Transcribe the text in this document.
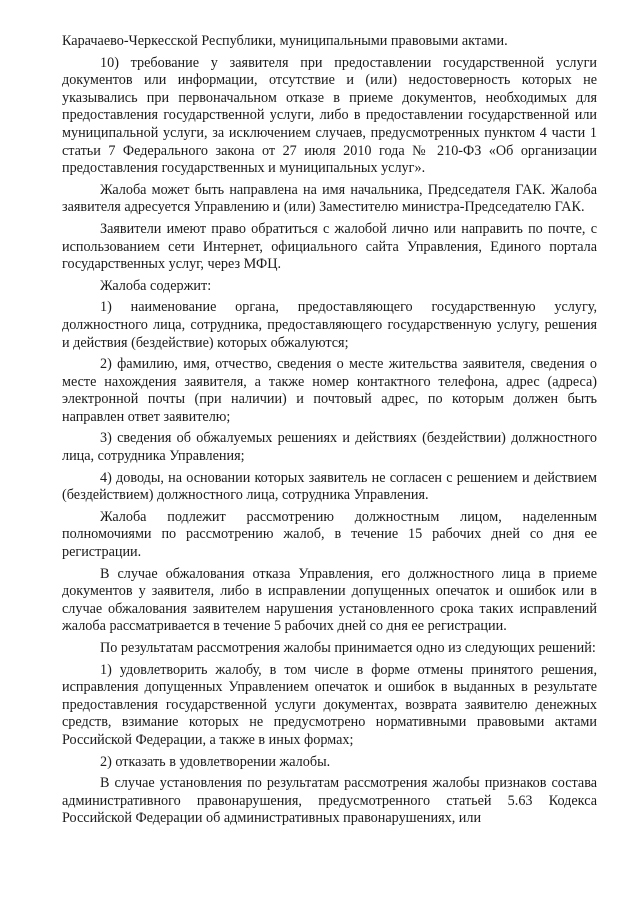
Карачаево-Черкесской Республики, муниципальными правовыми актами.

10) требование у заявителя при предоставлении государственной услуги документов или информации, отсутствие и (или) недостоверность которых не указывались при первоначальном отказе в приеме документов, необходимых для предоставления государственной услуги, либо в предоставлении государственной или муниципальной услуги, за исключением случаев, предусмотренных пунктом 4 части 1 статьи 7 Федерального закона от 27 июля 2010 года № 210-ФЗ «Об организации предоставления государственных и муниципальных услуг».

Жалоба может быть направлена на имя начальника, Председателя ГАК. Жалоба заявителя адресуется Управлению и (или) Заместителю министра-Председателю ГАК.

Заявители имеют право обратиться с жалобой лично или направить по почте, с использованием сети Интернет, официального сайта Управления, Единого портала государственных услуг, через МФЦ.

Жалоба содержит:

1) наименование органа, предоставляющего государственную услугу, должностного лица, сотрудника, предоставляющего государственную услугу, решения и действия (бездействие) которых обжалуются;

2) фамилию, имя, отчество, сведения о месте жительства заявителя, сведения о месте нахождения заявителя, а также номер контактного телефона, адрес (адреса) электронной почты (при наличии) и почтовый адрес, по которым должен быть направлен ответ заявителю;

3) сведения об обжалуемых решениях и действиях (бездействии) должностного лица, сотрудника Управления;

4) доводы, на основании которых заявитель не согласен с решением и действием (бездействием) должностного лица, сотрудника Управления.

Жалоба подлежит рассмотрению должностным лицом, наделенным полномочиями по рассмотрению жалоб, в течение 15 рабочих дней со дня ее регистрации.

В случае обжалования отказа Управления, его должностного лица в приеме документов у заявителя, либо в исправлении допущенных опечаток и ошибок или в случае обжалования заявителем нарушения установленного срока таких исправлений жалоба рассматривается в течение 5 рабочих дней со дня ее регистрации.

По результатам рассмотрения жалобы принимается одно из следующих решений:

1) удовлетворить жалобу, в том числе в форме отмены принятого решения, исправления допущенных Управлением опечаток и ошибок в выданных в результате предоставления государственной услуги документах, возврата заявителю денежных средств, взимание которых не предусмотрено нормативными правовыми актами Российской Федерации, а также в иных формах;

2) отказать в удовлетворении жалобы.

В случае установления по результатам рассмотрения жалобы признаков состава административного правонарушения, предусмотренного статьей 5.63 Кодекса Российской Федерации об административных правонарушениях, или
